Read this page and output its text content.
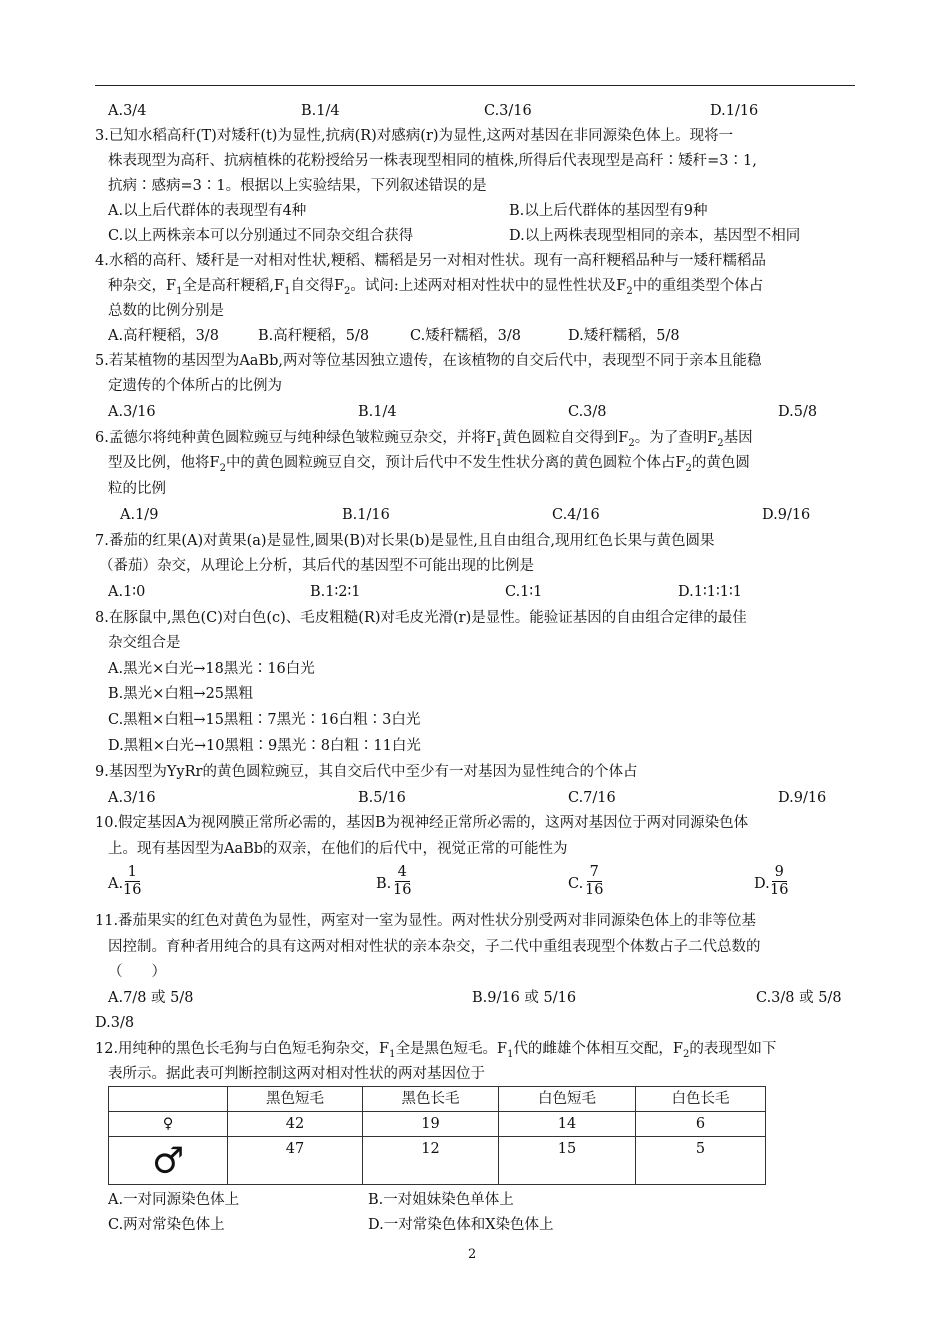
A.3/4	B.1/4	C.3/16	D.1/16
3.已知水稻高秆(T)对矮秆(t)为显性,抗病(R)对感病(r)为显性,这两对基因在非同源染色体上。现将一
株表现型为高秆、抗病植株的花粉授给另一株表现型相同的植株,所得后代表现型是高秆∶矮秆=3∶1,
抗病∶感病=3∶1。根据以上实验结果，下列叙述错误的是
A.以上后代群体的表现型有4种	B.以上后代群体的基因型有9种
C.以上两株亲本可以分别通过不同杂交组合获得	D.以上两株表现型相同的亲本，基因型不相同
4.水稻的高秆、矮秆是一对相对性状,粳稻、糯稻是另一对相对性状。现有一高秆粳稻品种与一矮秆糯稻品
种杂交，$F_1$全是高秆粳稻$,F_1$自交得$F_2$。试问:上述两对相对性状中的显性性状及$F_2$中的重组类型个体占
总数的比例分别是
A.高秆粳稻，3/8	B.高秆粳稻，5/8	C.矮秆糯稻，3/8	D.矮秆糯稻，5/8
5.若某植物的基因型为AaBb,两对等位基因独立遗传，在该植物的自交后代中，表现型不同于亲本且能稳
定遗传的个体所占的比例为
A.3/16	B.1/4	C.3/8	D.5/8
6.孟德尔将纯种黄色圆粒豌豆与纯种绿色皱粒豌豆杂交，并将$F_1$黄色圆粒自交得到$F_2$。为了查明$F_2$基因
型及比例，他将$F_2$中的黄色圆粒豌豆自交，预计后代中不发生性状分离的黄色圆粒个体占$F_2$的黄色圆
粒的比例
A.1/9	B.1/16	C.4/16	D.9/16
7.番茄的红果(A)对黄果(a)是显性,圆果(B)对长果(b)是显性,且自由组合,现用红色长果与黄色圆果
（番茄）杂交，从理论上分析，其后代的基因型不可能出现的比例是
A.1∶0	B.1∶2∶1	C.1∶1	D.1∶1∶1∶1
8.在豚鼠中,黑色(C)对白色(c)、毛皮粗糙(R)对毛皮光滑(r)是显性。能验证基因的自由组合定律的最佳
杂交组合是
A.黑光×白光→18黑光∶16白光
B.黑光×白粗→25黑粗
C.黑粗×白粗→15黑粗∶7黑光∶16白粗∶3白光
D.黑粗×白光→10黑粗∶9黑光∶8白粗∶11白光
9.基因型为YyRr的黄色圆粒豌豆，其自交后代中至少有一对基因为显性纯合的个体占
A.3/16	B.5/16	C.7/16	D.9/16
10.假定基因A为视网膜正常所必需的，基因B为视神经正常所必需的，这两对基因位于两对同源染色体
上。现有基因型为AaBb的双亲，在他们的后代中，视觉正常的可能性为
A. $\frac{1}{16}$	B. $\frac{4}{16}$	C. $\frac{7}{16}$	D. $\frac{9}{16}$
11.番茄果实的红色对黄色为显性，两室对一室为显性。两对性状分别受两对非同源染色体上的非等位基
因控制。育种者用纯合的具有这两对相对性状的亲本杂交，子二代中重组表现型个体数占子二代总数的
（　　）
A.7/8 或 5/8	B.9/16 或 5/16	C.3/8 或 5/8
D.3/8
12.用纯种的黑色长毛狗与白色短毛狗杂交，$F_1$全是黑色短毛。$F_1$代的雌雄个体相互交配，$F_2$的表现型如下
表所示。据此表可判断控制这两对相对性状的两对基因位于
	黑色短毛	黑色长毛	白色短毛	白色长毛
♀	42	19	14	6
♂	47	12	15	5
A.一对同源染色体上	B.一对姐妹染色单体上
C.两对常染色体上	D.一对常染色体和X染色体上
2
